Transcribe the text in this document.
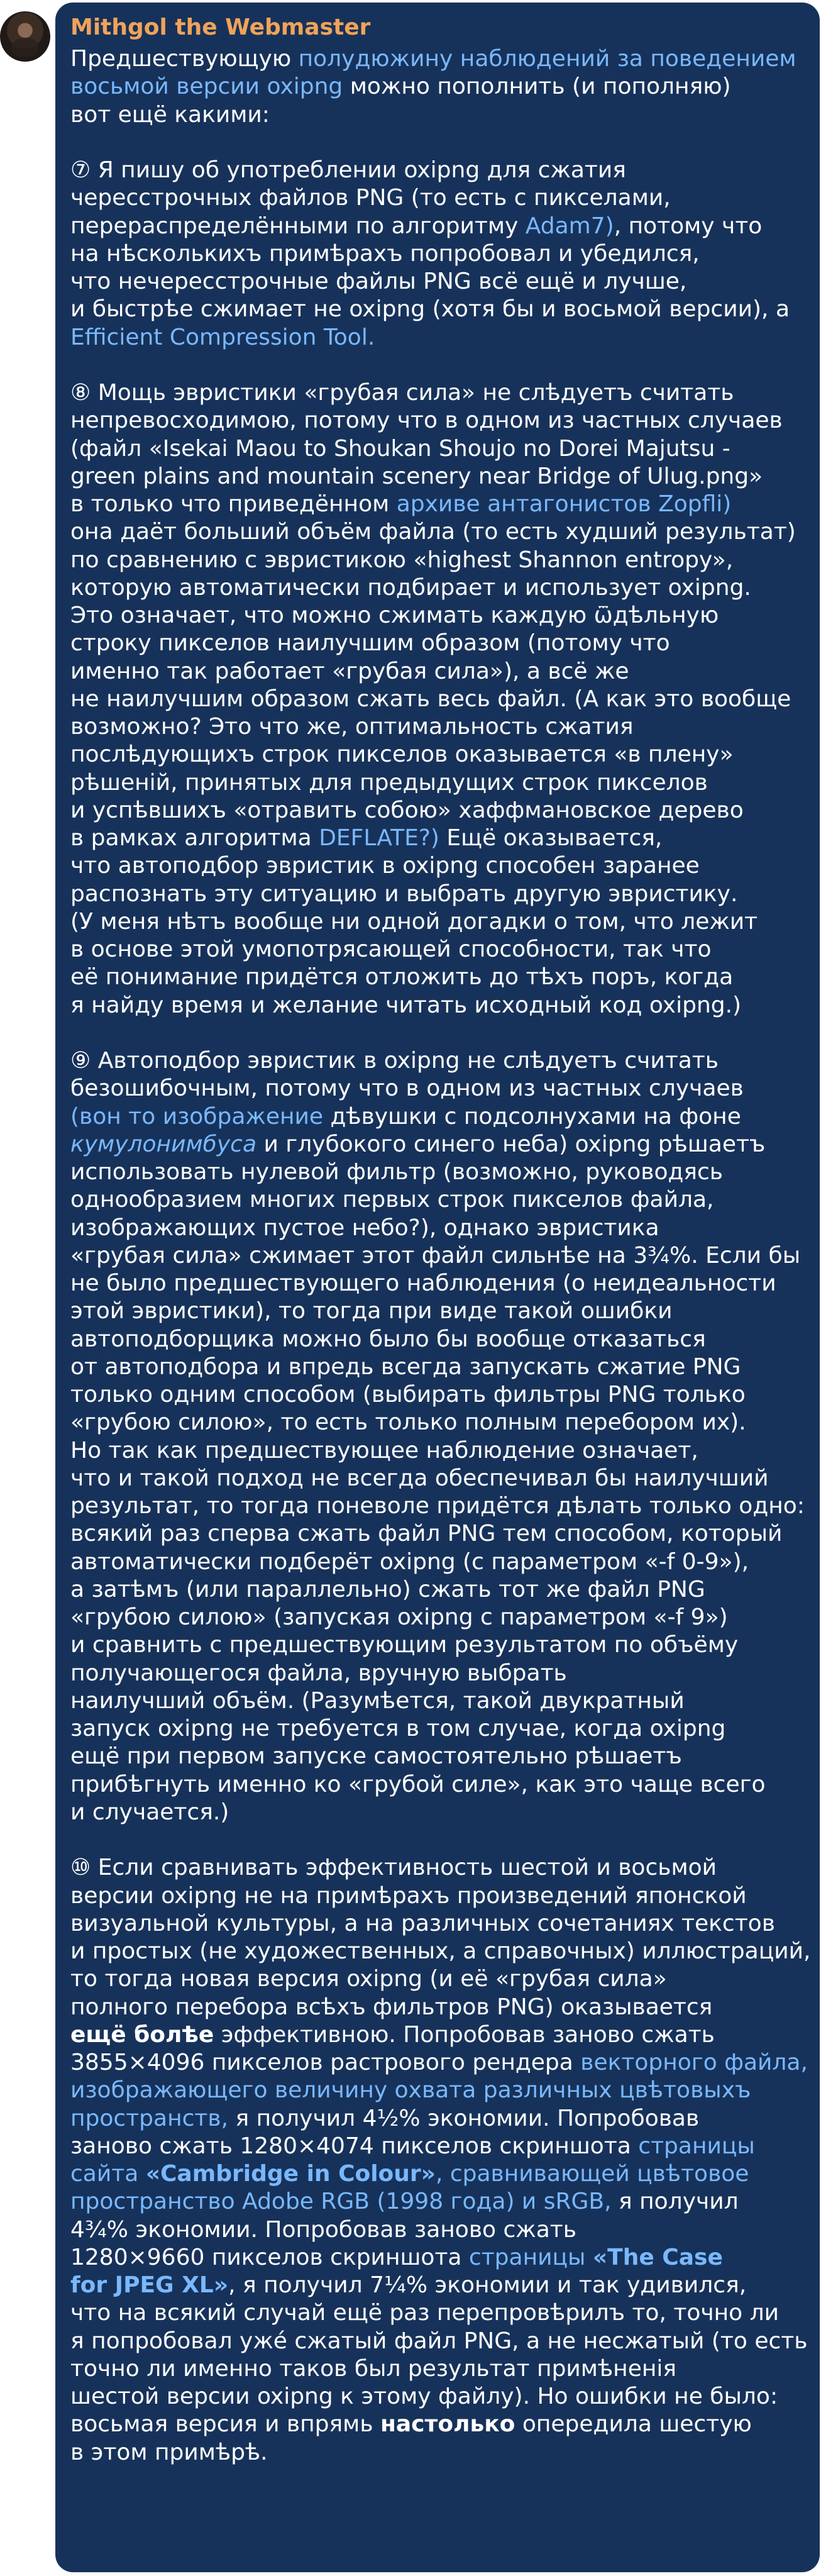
Mithgol the Webmaster
Предшествующую полудюжину наблюдений за поведением
восьмой версии oxipng можно пополнить (и пополняю)
вот ещё какими:
⑦ Я пишу об употреблении oxipng для сжатия
чересстрочных файлов PNG (то есть с пикселами,
перераспределёнными по алгоритму Adam7), потому что
на нѣсколькихъ примѣрахъ попробовал и убедился,
что нечересстрочные файлы PNG всё ещё и лучше,
и быстрѣе сжимает не oxipng (хотя бы и восьмой версии), а
Efficient Compression Tool.
⑧ Мощь эвристики «грубая сила» не слѣдуетъ считать
непревосходимою, потому что в одном из частных случаев
(файл «Isekai Maou to Shoukan Shoujo no Dorei Majutsu -
green plains and mountain scenery near Bridge of Ulug.png»
в только что приведённом архиве антагонистов Zopfli)
она даёт больший объём файла (то есть худший результат)
по сравнению с эвристикою «highest Shannon entropy»,
которую автоматически подбирает и использует oxipng.
Это означает, что можно сжимать каждую ѿдѣльную
строку пикселов наилучшим образом (потому что
именно так работает «грубая сила»), а всё же
не наилучшим образом сжать весь файл. (А как это вообще
возможно? Это что же, оптимальность сжатия
послѣдующихъ строк пикселов оказывается «в плену»
рѣшеній, принятых для предыдущих строк пикселов
и успѣвшихъ «отравить собою» хаффмановское дерево
в рамках алгоритма DEFLATE?) Ещё оказывается,
что автоподбор эвристик в oxipng способен заранее
распознать эту ситуацию и выбрать другую эвристику.
(У меня нѣтъ вообще ни одной догадки о том, что лежит
в основе этой умопотрясающей способности, так что
её понимание придётся отложить до тѣхъ поръ, когда
я найду время и желание читать исходный код oxipng.)
⑨ Автоподбор эвристик в oxipng не слѣдуетъ считать
безошибочным, потому что в одном из частных случаев
(вон то изображение дѣвушки с подсолнухами на фоне
кумулонимбуса и глубокого синего неба) oxipng рѣшаетъ
использовать нулевой фильтр (возможно, руководясь
однообразием многих первых строк пикселов файла,
изображающих пустое небо?), однако эвристика
«грубая сила» сжимает этот файл сильнѣе на 3¾%. Если бы
не было предшествующего наблюдения (о неидеальности
этой эвристики), то тогда при виде такой ошибки
автоподборщика можно было бы вообще отказаться
от автоподбора и впредь всегда запускать сжатие PNG
только одним способом (выбирать фильтры PNG только
«грубою силою», то есть только полным перебором их).
Но так как предшествующее наблюдение означает,
что и такой подход не всегда обеспечивал бы наилучший
результат, то тогда поневоле придётся дѣлать только одно:
всякий раз сперва сжать файл PNG тем способом, который
автоматически подберёт oxipng (с параметром «-f 0-9»),
а затѣмъ (или параллельно) сжать тот же файл PNG
«грубою силою» (запуская oxipng с параметром «-f 9»)
и сравнить с предшествующим результатом по объёму
получающегося файла, вручную выбрать
наилучший объём. (Разумѣется, такой двукратный
запуск oxipng не требуется в том случае, когда oxipng
ещё при первом запуске самостоятельно рѣшаетъ
прибѣгнуть именно ко «грубой силе», как это чаще всего
и случается.)
⑩ Если сравнивать эффективность шестой и восьмой
версии oxipng не на примѣрахъ произведений японской
визуальной культуры, а на различных сочетаниях текстов
и простых (не художественных, а справочных) иллюстраций,
то тогда новая версия oxipng (и её «грубая сила»
полного перебора всѣхъ фильтров PNG) оказывается
ещё болѣе эффективною. Попробовав заново сжать
3855×4096 пикселов растрового рендера векторного файла,
изображающего величину охвата различных цвѣтовыхъ
пространств, я получил 4½% экономии. Попробовав
заново сжать 1280×4074 пикселов скриншота страницы
сайта «Cambridge in Colour», сравнивающей цвѣтовое
пространство Adobe RGB (1998 года) и sRGB, я получил
4¾% экономии. Попробовав заново сжать
1280×9660 пикселов скриншота страницы «The Case
for JPEG XL», я получил 7¼% экономии и так удивился,
что на всякий случай ещё раз перепровѣрилъ то, точно ли
я попробовал ужé сжатый файл PNG, а не несжатый (то есть
точно ли именно таков был результат примѣненія
шестой версии oxipng к этому файлу). Но ошибки не было:
восьмая версия и впрямь настолько опередила шестую
в этом примѣрѣ.
